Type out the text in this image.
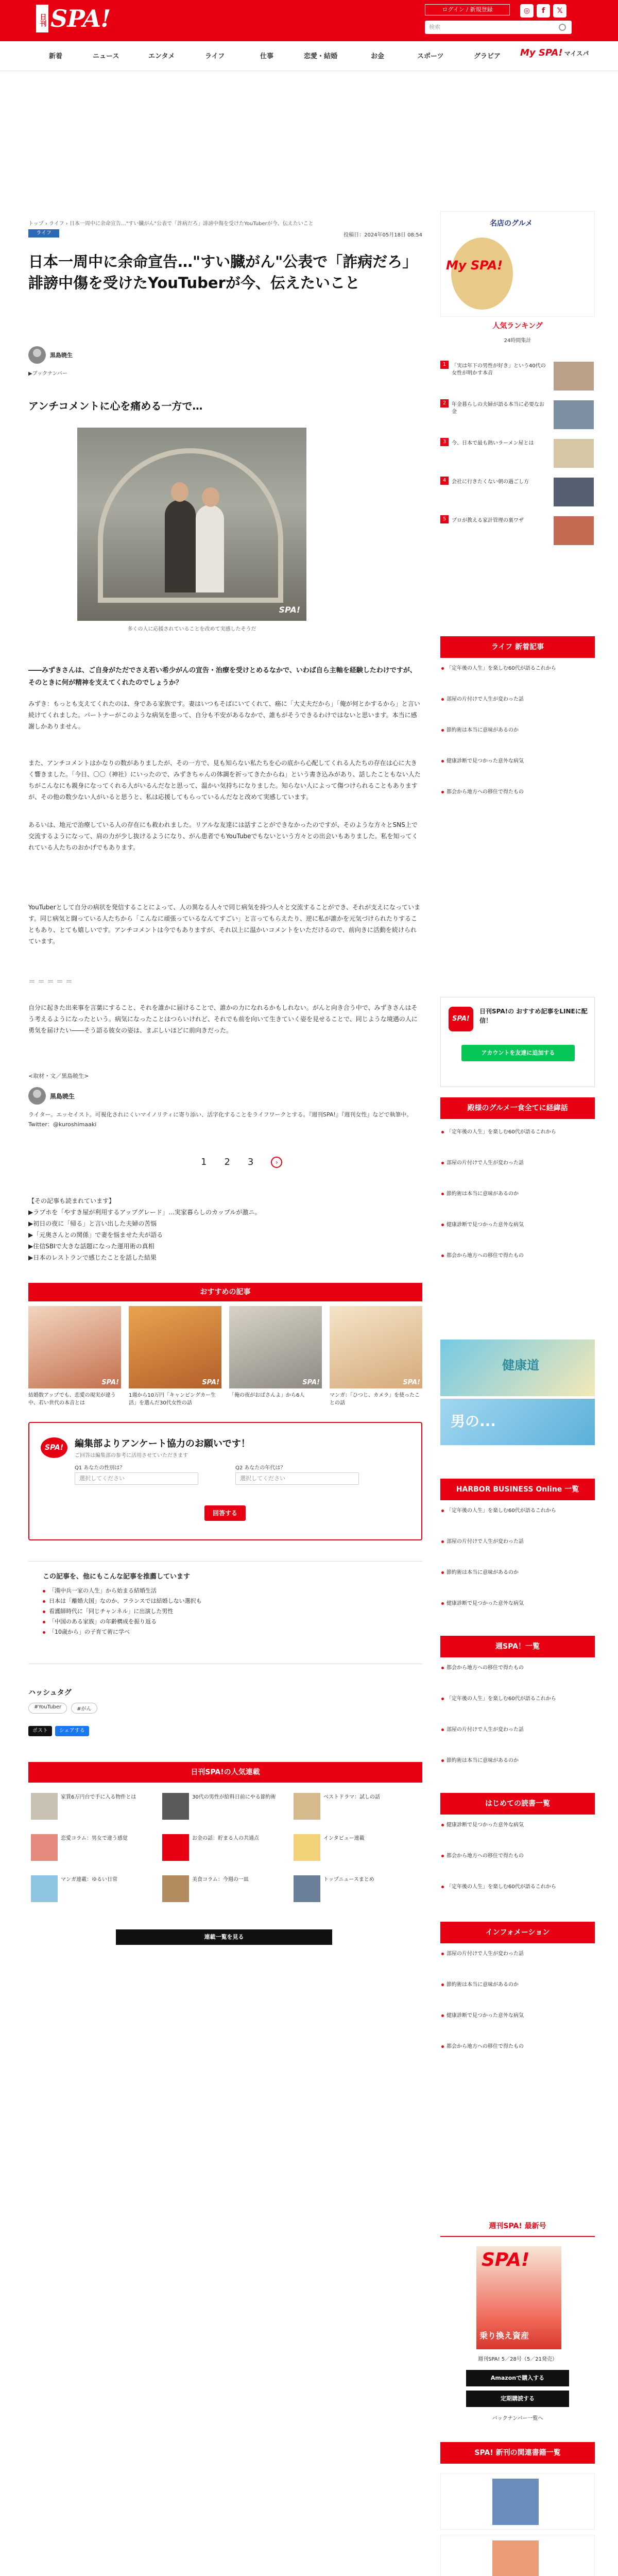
日刊 SPA!	ログイン / 新規登録	◎	f	𝕏
検索
新着	ニュース	エンタメ	ライフ	仕事	恋愛・結婚	お金	スポーツ	グラビア My SPA! マイスパ
トップ › ライフ › 日本一周中に余命宣告…"すい臓がん"公表で「詐病だろ」誹謗中傷を受けたYouTuberが今、伝えたいこと
ライフ	投稿日：2024年05月18日 08:54
日本一周中に余命宣告…"すい臓がん"公表で「詐病だろ」誹謗中傷を受けたYouTuberが今、伝えたいこと
黒島暁生
▶ブックナンバー
アンチコメントに心を痛める一方で…
SPA!
多くの人に応援されていることを改めて実感したそうだ

――みずきさんは、ご自身がただでさえ若い希少がんの宣告・治療を受けとめるなかで、いわば自ら主軸を経験したわけですが、そのときに何が精神を支えてくれたのでしょうか？

みずき：もっとも支えてくれたのは、身である家族です。妻はいつもそばにいてくれて、癌に「大丈夫だから」「俺が何とかするから」と言い続けてくれました。パートナーがこのような病気を患って、自分も不安があるなかで、誰もがそうできるわけではないと思います。本当に感謝しかありません。

また、アンチコメントはかなりの数がありましたが、その一方で、見も知らない私たちを心の底から心配してくれる人たちの存在は心に大きく響きました。「今日、〇〇（神社）にいったので、みずきちゃんの体調を祈ってきたからね」という書き込みがあり、話したこともない人たちがこんなにも親身になってくれる人がいるんだなと思って、温かい気持ちになりました。知らない人によって傷つけられることもありますが、その他の数少ない人がいると思うと、私は応援してもらっているんだなと改めて実感しています。

あるいは、地元で治療している人の存在にも救われました。リアルな友達には話すことができなかったのですが、そのような方々とSNS上で交流するようになって、肩の力が少し抜けるようになり、がん患者でもYouTubeでもないという方々との出会いもありました。私を知ってくれている人たちのおかげでもあります。

YouTuberとして自分の病状を発信することによって、人の異なる人々で同じ病気を持つ人々と交流することができ、それが支えになっています。同じ病気と闘っている人たちから「こんなに頑張っているなんてすごい」と言ってもらえたり、逆に私が誰かを元気づけられたりすることもあり、とても嬉しいです。アンチコメントは今でもありますが、それ以上に温かいコメントをいただけるので、前向きに活動を続けられています。

＝＝＝＝＝

自分に起きた出来事を言葉にすること、それを誰かに届けることで、誰かの力になれるかもしれない。がんと向き合う中で、みずきさんはそう考えるようになったという。病気になったことはつらいけれど、それでも前を向いて生きていく姿を見せることで、同じような境遇の人に勇気を届けたい――そう語る彼女の姿は、まぶしいほどに前向きだった。

<取材・文／黒島暁生>
黒島暁生

ライター。エッセイスト。可視化されにくいマイノリティに寄り添い、活字化することをライフワークとする。『週刊SPA!』『週刊女性』などで執筆中。Twitter：@kuroshimaaki

1 2 3	›
【その記事も読まれています】
▶ラブホを「やすき屋が利用するアップグレード」…実家暮らしのカップルが激ニ。
▶初日の夜に「帰る」と言い出した夫婦の苦悩
▶「元奥さんとの関係」で妻を悩ませた夫が語る
▶住信SBIで大きな話題になった運用術の真相
▶日本のレストランで感じたことを話した結果
おすすめの記事
SPA!
結婚数アップでも、恋愛の現実が違う中、若い世代の本音とは
SPA!
1週から10万円「キャンピングカー生活」を選んだ30代女性の話
SPA!
「俺の夜がおばさんよ」から6人
SPA!
マンガ：「ひつじ、カメラ」を使ったことの話
SPA!	編集部よりアンケート協力のお願いです！
ご回答は編集部の参考に活用させていただきます
Q1 あなたの性別は？	Q2 あなたの年代は？
選択してください	選択してください
回答する
この記事を、他にもこんな記事を推薦しています
「漢中兵一家の人生」から始まる結婚生活
日本は「離婚大国」なのか、フランスでは結婚しない選択も
看護師時代に「同じチャンネル」に出演した男性
「中国のある家族」の年齢構成を振り返る
「10歳から」の子育て術に学べ
ハッシュタグ
#YouTuber	#がん
ポスト	シェアする
日刊SPA!の人気連載
家賃6万円台で手に入る物件とは	30代の男性が給料日前にやる節約術	ベストドラマ：試しの話
恋愛コラム：男女で違う感覚	お金の話：貯まる人の共通点	インタビュー連載
マンガ連載：ゆるい日常	美食コラム：今週の一皿	トップニュースまとめ
連載一覧を見る
名店のグルメ
My SPA!
人気ランキング
24時間集計
1	「実は年下の男性が好き」という40代の女性が明かす本音
2	年金暮らしの夫婦が語る本当に必要なお金
3	今、日本で最も熱いラーメン屋とは
4	会社に行きたくない朝の過ごし方
5	プロが教える家計管理の裏ワザ
ライフ 新着記事
「定年後の人生」を楽しむ60代が語るこれから
部屋の片付けで人生が変わった話
節約術は本当に意味があるのか
健康診断で見つかった意外な病気
都会から地方への移住で得たもの
SPA!
日刊SPA!の おすすめ記事をLINEに配信！
アカウントを友達に追加する
殿様のグルメ一食全てに経緯話
「定年後の人生」を楽しむ60代が語るこれから
部屋の片付けで人生が変わった話
節約術は本当に意味があるのか
健康診断で見つかった意外な病気
都会から地方への移住で得たもの
健康道
男の...
HARBOR BUSINESS Online 一覧
「定年後の人生」を楽しむ60代が語るこれから
部屋の片付けで人生が変わった話
節約術は本当に意味があるのか
健康診断で見つかった意外な病気
週SPA！一覧
都会から地方への移住で得たもの
「定年後の人生」を楽しむ60代が語るこれから
部屋の片付けで人生が変わった話
節約術は本当に意味があるのか
はじめての読書一覧
健康診断で見つかった意外な病気
都会から地方への移住で得たもの
「定年後の人生」を楽しむ60代が語るこれから
インフォメーション
部屋の片付けで人生が変わった話
節約術は本当に意味があるのか
健康診断で見つかった意外な病気
都会から地方への移住で得たもの
週刊SPA! 最新号
SPA!
乗り換え資産
週刊SPA! 5／28号（5／21発売）
Amazonで購入する
定期購読する
バックナンバー一覧へ
SPA! 新刊の関連書籍一覧
